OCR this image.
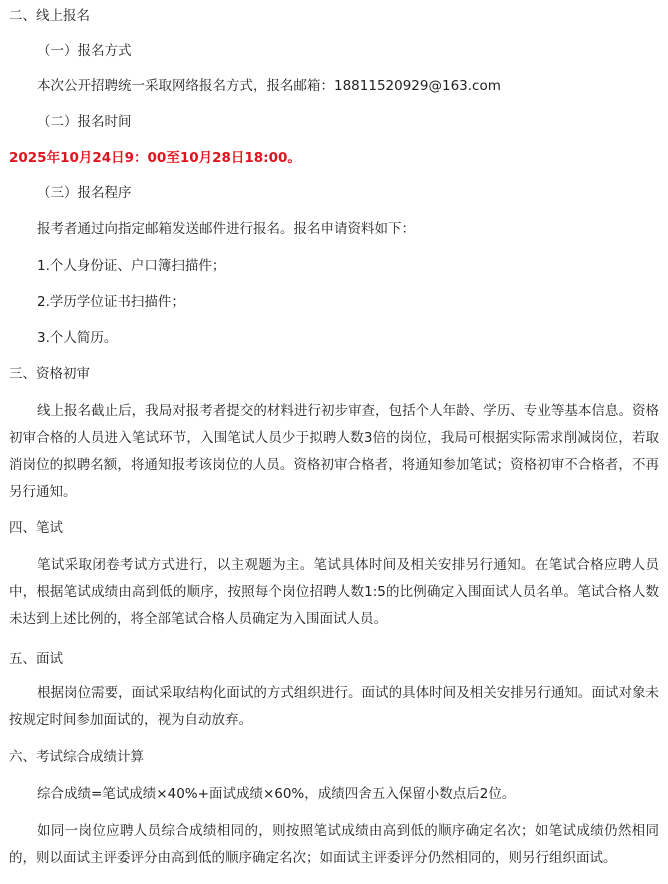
二、线上报名
（一）报名方式
本次公开招聘统一采取网络报名方式，报名邮箱：18811520929@163.com
（二）报名时间
2025年10月24日9：00至10月28日18:00。
（三）报名程序
报考者通过向指定邮箱发送邮件进行报名。报名申请资料如下：
1.个人身份证、户口簿扫描件；
2.学历学位证书扫描件；
3.个人简历。
三、资格初审

线上报名截止后，我局对报考者提交的材料进行初步审查，包括个人年龄、学历、专业等基本信息。资格初审合格的人员进入笔试环节，入围笔试人员少于拟聘人数3倍的岗位，我局可根据实际需求削减岗位，若取消岗位的拟聘名额，将通知报考该岗位的人员。资格初审合格者，将通知参加笔试；资格初审不合格者，不再另行通知。

四、笔试

笔试采取闭卷考试方式进行，以主观题为主。笔试具体时间及相关安排另行通知。在笔试合格应聘人员中，根据笔试成绩由高到低的顺序，按照每个岗位招聘人数1:5的比例确定入围面试人员名单。笔试合格人数未达到上述比例的，将全部笔试合格人员确定为入围面试人员。

五、面试

根据岗位需要，面试采取结构化面试的方式组织进行。面试的具体时间及相关安排另行通知。面试对象未按规定时间参加面试的，视为自动放弃。

六、考试综合成绩计算
综合成绩=笔试成绩×40%+面试成绩×60%，成绩四舍五入保留小数点后2位。

如同一岗位应聘人员综合成绩相同的，则按照笔试成绩由高到低的顺序确定名次；如笔试成绩仍然相同的，则以面试主评委评分由高到低的顺序确定名次；如面试主评委评分仍然相同的，则另行组织面试。
